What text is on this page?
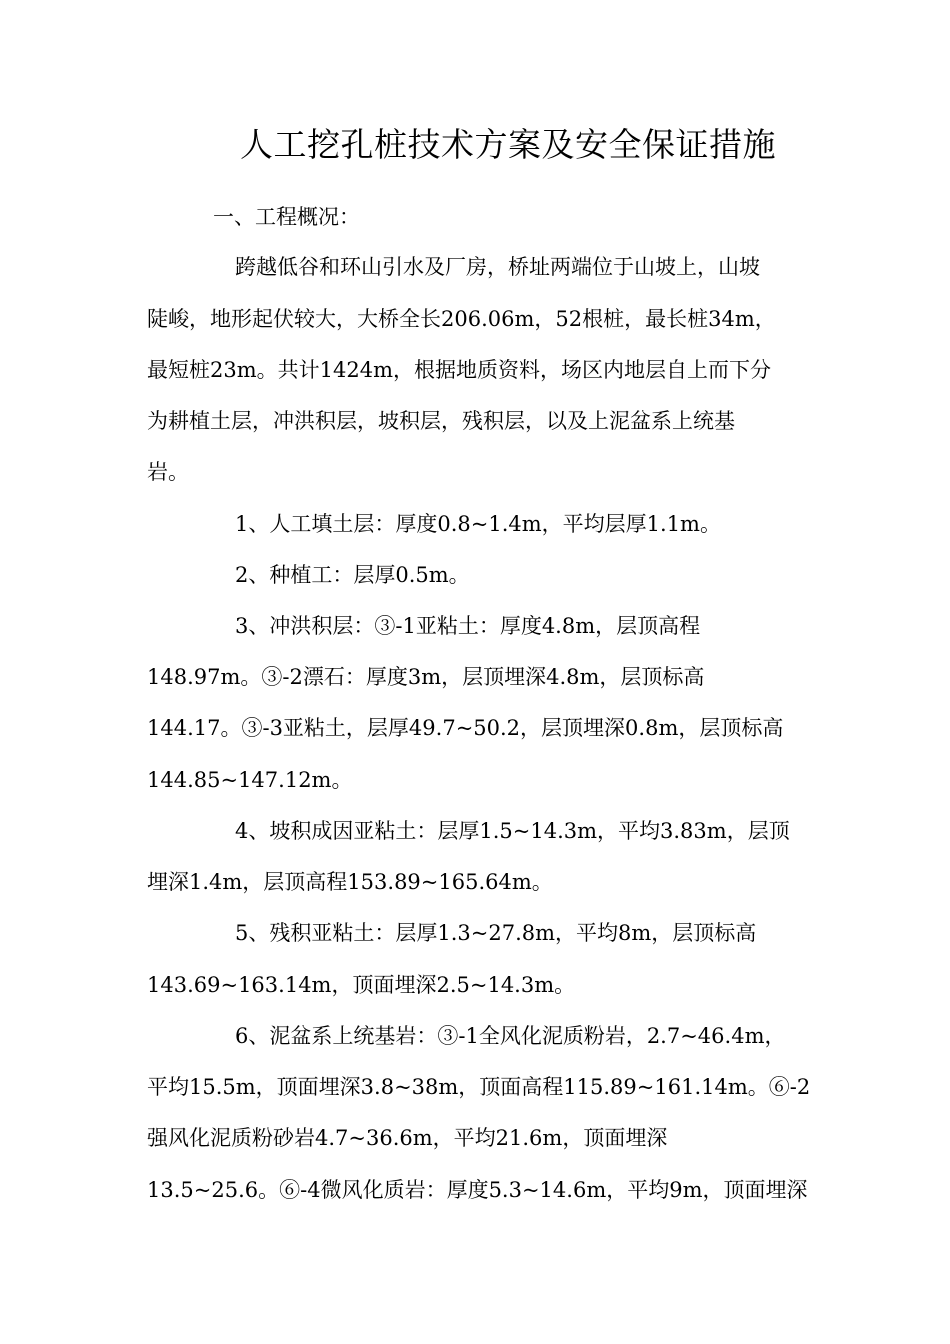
人工挖孔桩技术方案及安全保证措施
一、工程概况：
跨越低谷和环山引水及厂房，桥址两端位于山坡上，山坡
陡峻，地形起伏较大，大桥全长206.06m，52根桩，最长桩34m，
最短桩23m。共计1424m，根据地质资料，场区内地层自上而下分
为耕植土层，冲洪积层，坡积层，残积层，以及上泥盆系上统基
岩。
1、人工填土层：厚度0.8~1.4m，平均层厚1.1m。
2、种植工：层厚0.5m。
3、冲洪积层：③-1亚粘土：厚度4.8m，层顶高程
148.97m。③-2漂石：厚度3m，层顶埋深4.8m，层顶标高
144.17。③-3亚粘土，层厚49.7~50.2，层顶埋深0.8m，层顶标高
144.85~147.12m。
4、坡积成因亚粘土：层厚1.5~14.3m，平均3.83m，层顶
埋深1.4m，层顶高程153.89~165.64m。
5、残积亚粘土：层厚1.3~27.8m，平均8m，层顶标高
143.69~163.14m，顶面埋深2.5~14.3m。
6、泥盆系上统基岩：③-1全风化泥质粉岩，2.7~46.4m，
平均15.5m，顶面埋深3.8~38m，顶面高程115.89~161.14m。⑥-2
强风化泥质粉砂岩4.7~36.6m，平均21.6m，顶面埋深
13.5~25.6。⑥-4微风化质岩：厚度5.3~14.6m，平均9m，顶面埋深
